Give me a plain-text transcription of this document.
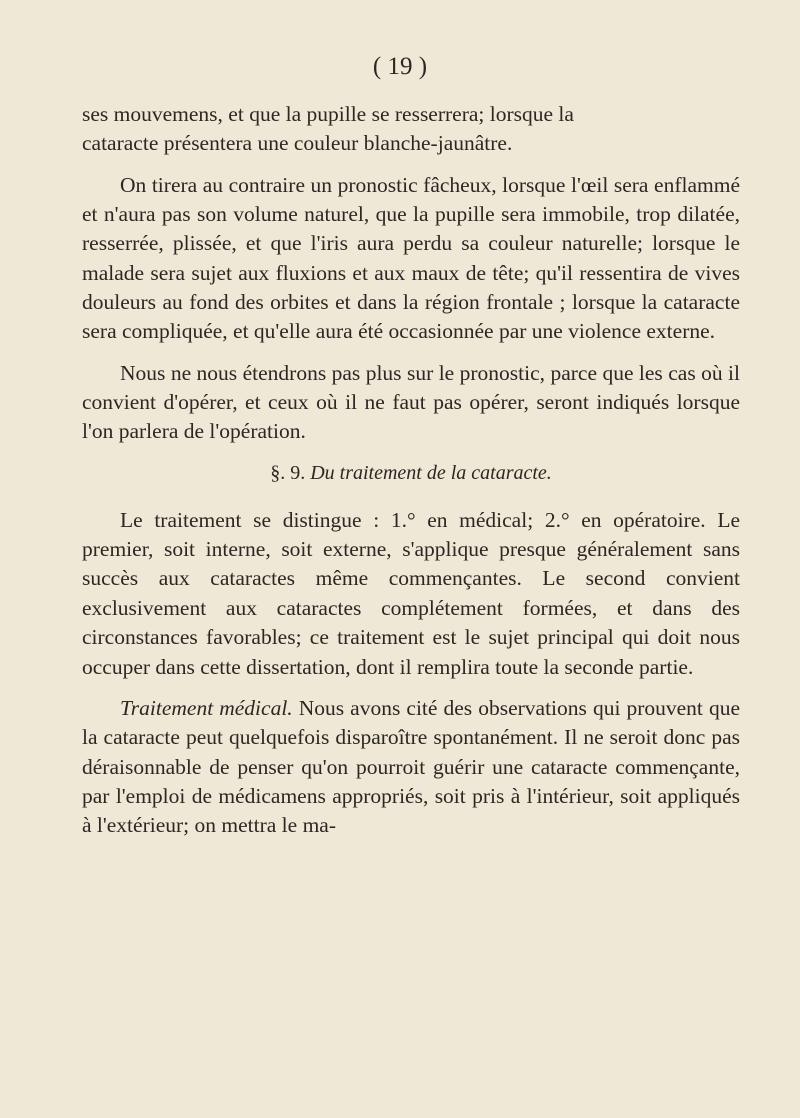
( 19 )
ses mouvemens, et que la pupille se resserrera; lorsque la
cataracte présentera une couleur blanche-jaunâtre.

On tirera au contraire un pronostic fâcheux, lorsque l'œil sera enflammé et n'aura pas son volume naturel, que la pupille sera immobile, trop dilatée, resserrée, plissée, et que l'iris aura perdu sa couleur naturelle; lorsque le malade sera sujet aux fluxions et aux maux de tête; qu'il ressentira de vives douleurs au fond des orbites et dans la région frontale ; lorsque la cataracte sera compliquée, et qu'elle aura été occasionnée par une violence externe.

Nous ne nous étendrons pas plus sur le pronostic, parce que les cas où il convient d'opérer, et ceux où il ne faut pas opérer, seront indiqués lorsque l'on parlera de l'opération.

§. 9. Du traitement de la cataracte.

Le traitement se distingue : 1.° en médical; 2.° en opératoire. Le premier, soit interne, soit externe, s'applique presque généralement sans succès aux cataractes même commençantes. Le second convient exclusivement aux cataractes complétement formées, et dans des circonstances favorables; ce traitement est le sujet principal qui doit nous occuper dans cette dissertation, dont il remplira toute la seconde partie.

Traitement médical. Nous avons cité des observations qui prouvent que la cataracte peut quelquefois disparoître spontanément. Il ne seroit donc pas déraisonnable de penser qu'on pourroit guérir une cataracte commençante, par l'emploi de médicamens appropriés, soit pris à l'intérieur, soit appliqués à l'extérieur; on mettra le ma-
